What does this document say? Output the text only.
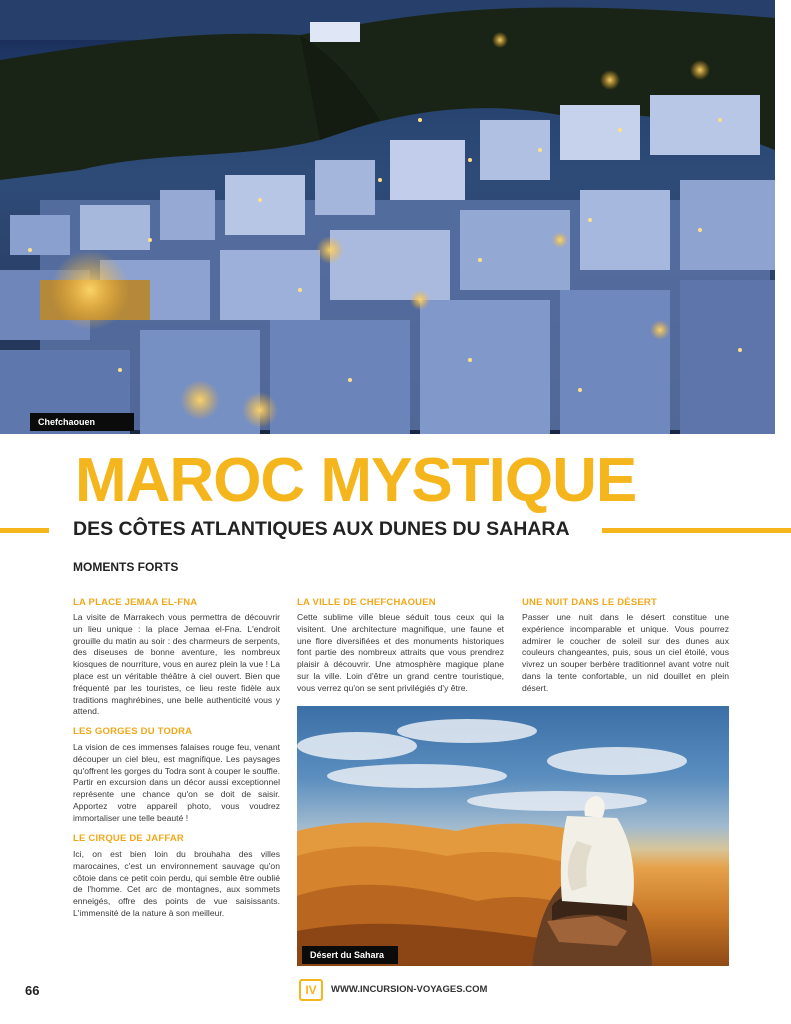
Chefchaouen
MAROC MYSTIQUE
DES CÔTES ATLANTIQUES AUX DUNES DU SAHARA
MOMENTS FORTS
LA PLACE JEMAA EL-FNA
La visite de Marrakech vous permettra de découvrir un lieu unique : la place Jemaa el-Fna. L'endroit grouille du matin au soir : des charmeurs de serpents, des diseuses de bonne aventure, les nombreux kiosques de nourriture, vous en aurez plein la vue ! La place est un véritable théâtre à ciel ouvert. Bien que fréquenté par les touristes, ce lieu reste fidèle aux traditions maghrébines, une belle authenticité vous y attend.
LES GORGES DU TODRA
La vision de ces immenses falaises rouge feu, venant découper un ciel bleu, est magnifique. Les paysages qu'offrent les gorges du Todra sont à couper le souffle. Partir en excursion dans un décor aussi exceptionnel représente une chance qu'on se doit de saisir. Apportez votre appareil photo, vous voudrez immortaliser une telle beauté !
LE CIRQUE DE JAFFAR
Ici, on est bien loin du brouhaha des villes marocaines, c'est un environnement sauvage qu'on côtoie dans ce petit coin perdu, qui semble être oublié de l'homme. Cet arc de montagnes, aux sommets enneigés, offre des points de vue saisissants. L'immensité de la nature à son meilleur.
LA VILLE DE CHEFCHAOUEN
Cette sublime ville bleue séduit tous ceux qui la visitent. Une architecture magnifique, une faune et une flore diversifiées et des monuments historiques font partie des nombreux attraits que vous prendrez plaisir à découvrir. Une atmosphère magique plane sur la ville. Loin d'être un grand centre touristique, vous verrez qu'on se sent privilégiés d'y être.
UNE NUIT DANS LE DÉSERT
Passer une nuit dans le désert constitue une expérience incomparable et unique. Vous pourrez admirer le coucher de soleil sur des dunes aux couleurs changeantes, puis, sous un ciel étoilé, vous vivrez un souper berbère traditionnel avant votre nuit dans la tente confortable, un nid douillet en plein désert.
Désert du Sahara
66	IV	WWW.INCURSION-VOYAGES.COM
